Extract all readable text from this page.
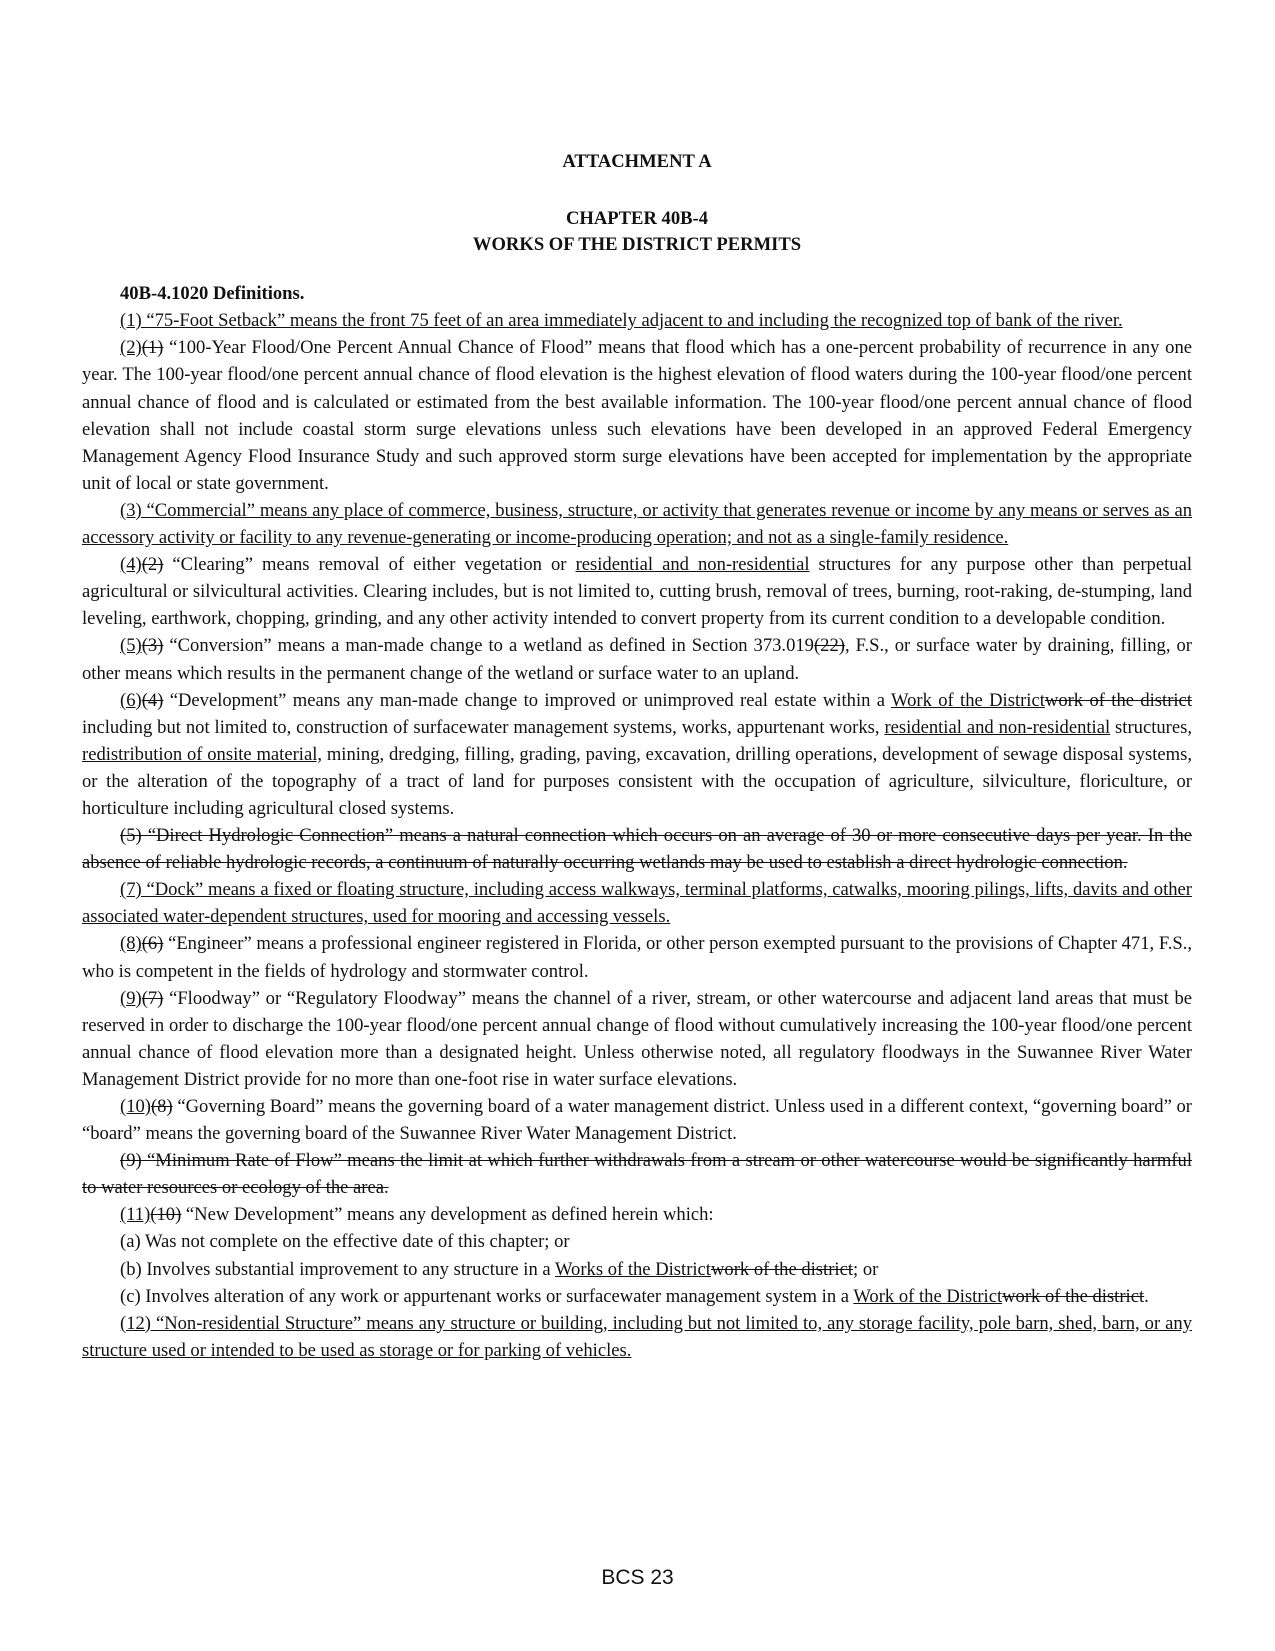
ATTACHMENT A
CHAPTER 40B-4
WORKS OF THE DISTRICT PERMITS
40B-4.1020 Definitions.

(1) “75-Foot Setback” means the front 75 feet of an area immediately adjacent to and including the recognized top of bank of the river.

(2)(1) “100-Year Flood/One Percent Annual Chance of Flood” means that flood which has a one-percent probability of recurrence in any one year. The 100-year flood/one percent annual chance of flood elevation is the highest elevation of flood waters during the 100-year flood/one percent annual chance of flood and is calculated or estimated from the best available information. The 100-year flood/one percent annual chance of flood elevation shall not include coastal storm surge elevations unless such elevations have been developed in an approved Federal Emergency Management Agency Flood Insurance Study and such approved storm surge elevations have been accepted for implementation by the appropriate unit of local or state government.

(3) “Commercial” means any place of commerce, business, structure, or activity that generates revenue or income by any means or serves as an accessory activity or facility to any revenue-generating or income-producing operation; and not as a single-family residence.

(4)(2) “Clearing” means removal of either vegetation or residential and non-residential structures for any purpose other than perpetual agricultural or silvicultural activities. Clearing includes, but is not limited to, cutting brush, removal of trees, burning, root-raking, de-stumping, land leveling, earthwork, chopping, grinding, and any other activity intended to convert property from its current condition to a developable condition.

(5)(3) “Conversion” means a man-made change to a wetland as defined in Section 373.019(22), F.S., or surface water by draining, filling, or other means which results in the permanent change of the wetland or surface water to an upland.

(6)(4) “Development” means any man-made change to improved or unimproved real estate within a Work of the Districtwork of the district including but not limited to, construction of surfacewater management systems, works, appurtenant works, residential and non-residential structures, redistribution of onsite material, mining, dredging, filling, grading, paving, excavation, drilling operations, development of sewage disposal systems, or the alteration of the topography of a tract of land for purposes consistent with the occupation of agriculture, silviculture, floriculture, or horticulture including agricultural closed systems.

(5) “Direct Hydrologic Connection” means a natural connection which occurs on an average of 30 or more consecutive days per year. In the absence of reliable hydrologic records, a continuum of naturally occurring wetlands may be used to establish a direct hydrologic connection.

(7) “Dock” means a fixed or floating structure, including access walkways, terminal platforms, catwalks, mooring pilings, lifts, davits and other associated water-dependent structures, used for mooring and accessing vessels.

(8)(6) “Engineer” means a professional engineer registered in Florida, or other person exempted pursuant to the provisions of Chapter 471, F.S., who is competent in the fields of hydrology and stormwater control.

(9)(7) “Floodway” or “Regulatory Floodway” means the channel of a river, stream, or other watercourse and adjacent land areas that must be reserved in order to discharge the 100-year flood/one percent annual change of flood without cumulatively increasing the 100-year flood/one percent annual chance of flood elevation more than a designated height. Unless otherwise noted, all regulatory floodways in the Suwannee River Water Management District provide for no more than one-foot rise in water surface elevations.

(10)(8) “Governing Board” means the governing board of a water management district. Unless used in a different context, “governing board” or “board” means the governing board of the Suwannee River Water Management District.

(9) “Minimum Rate of Flow” means the limit at which further withdrawals from a stream or other watercourse would be significantly harmful to water resources or ecology of the area.

(11)(10) “New Development” means any development as defined herein which:

(a) Was not complete on the effective date of this chapter; or

(b) Involves substantial improvement to any structure in a Works of the Districtwork of the district; or

(c) Involves alteration of any work or appurtenant works or surfacewater management system in a Work of the Districtwork of the district.

(12) “Non-residential Structure” means any structure or building, including but not limited to, any storage facility, pole barn, shed, barn, or any structure used or intended to be used as storage or for parking of vehicles.

BCS 23
